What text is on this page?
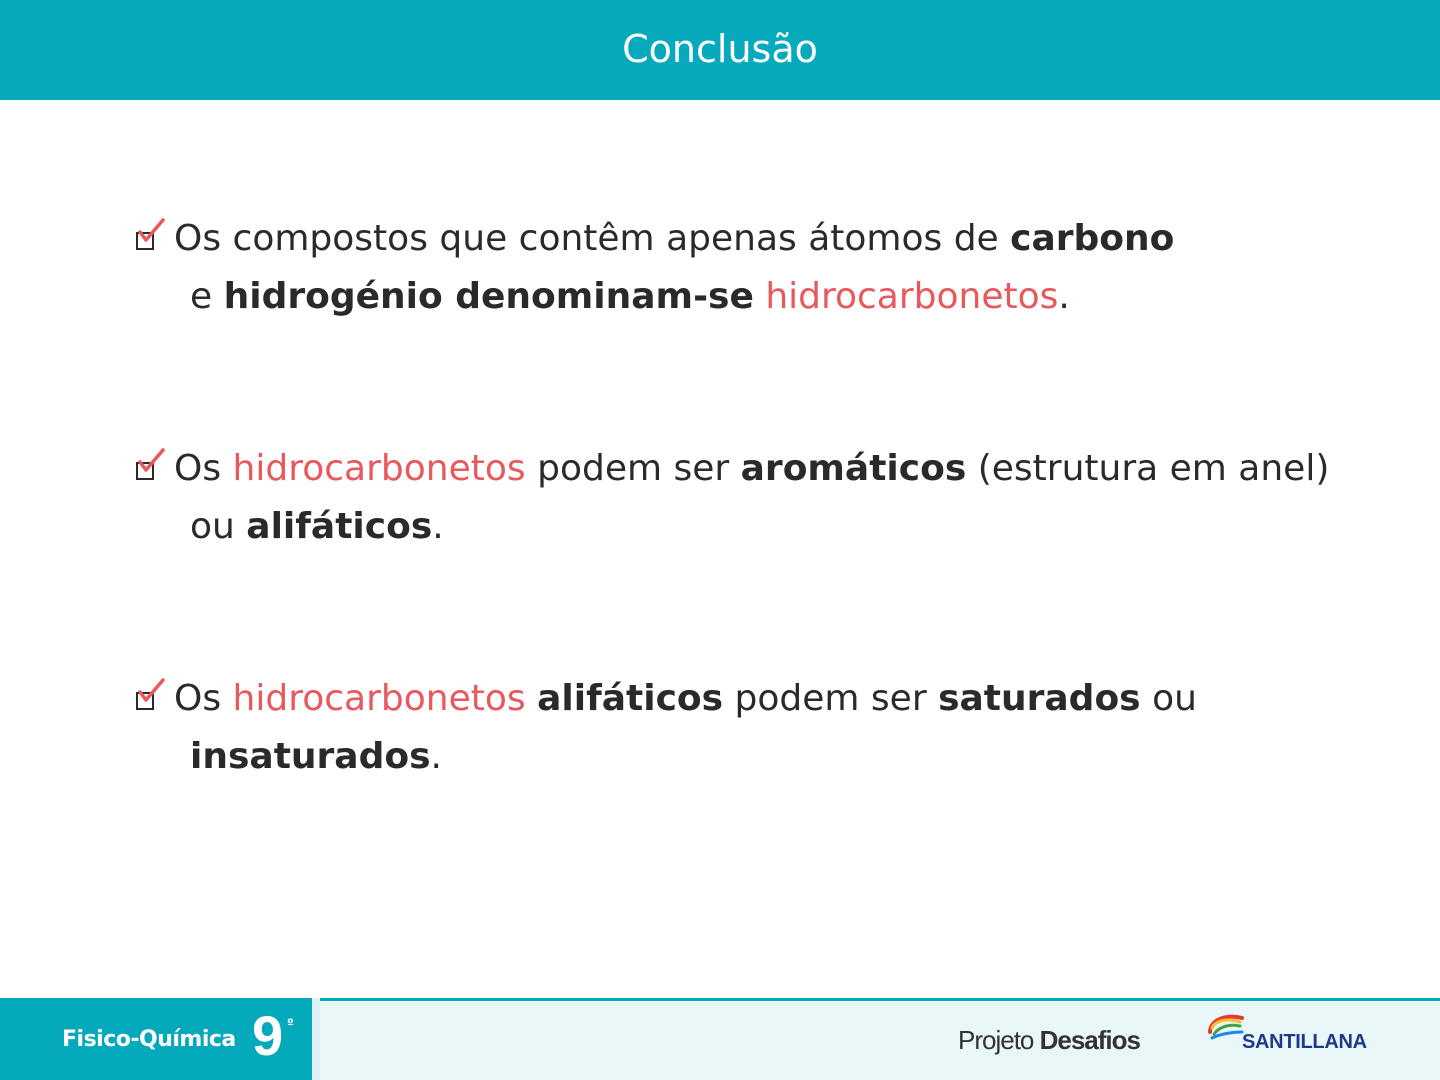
Conclusão
Os compostos que contêm apenas átomos de carbono
e hidrogénio denominam-se hidrocarbonetos.
Os hidrocarbonetos podem ser aromáticos (estrutura em anel)
ou alifáticos.
Os hidrocarbonetos alifáticos podem ser saturados ou
insaturados.
Fisico-Química 9 º
Projeto Desafios	SANTILLANA
